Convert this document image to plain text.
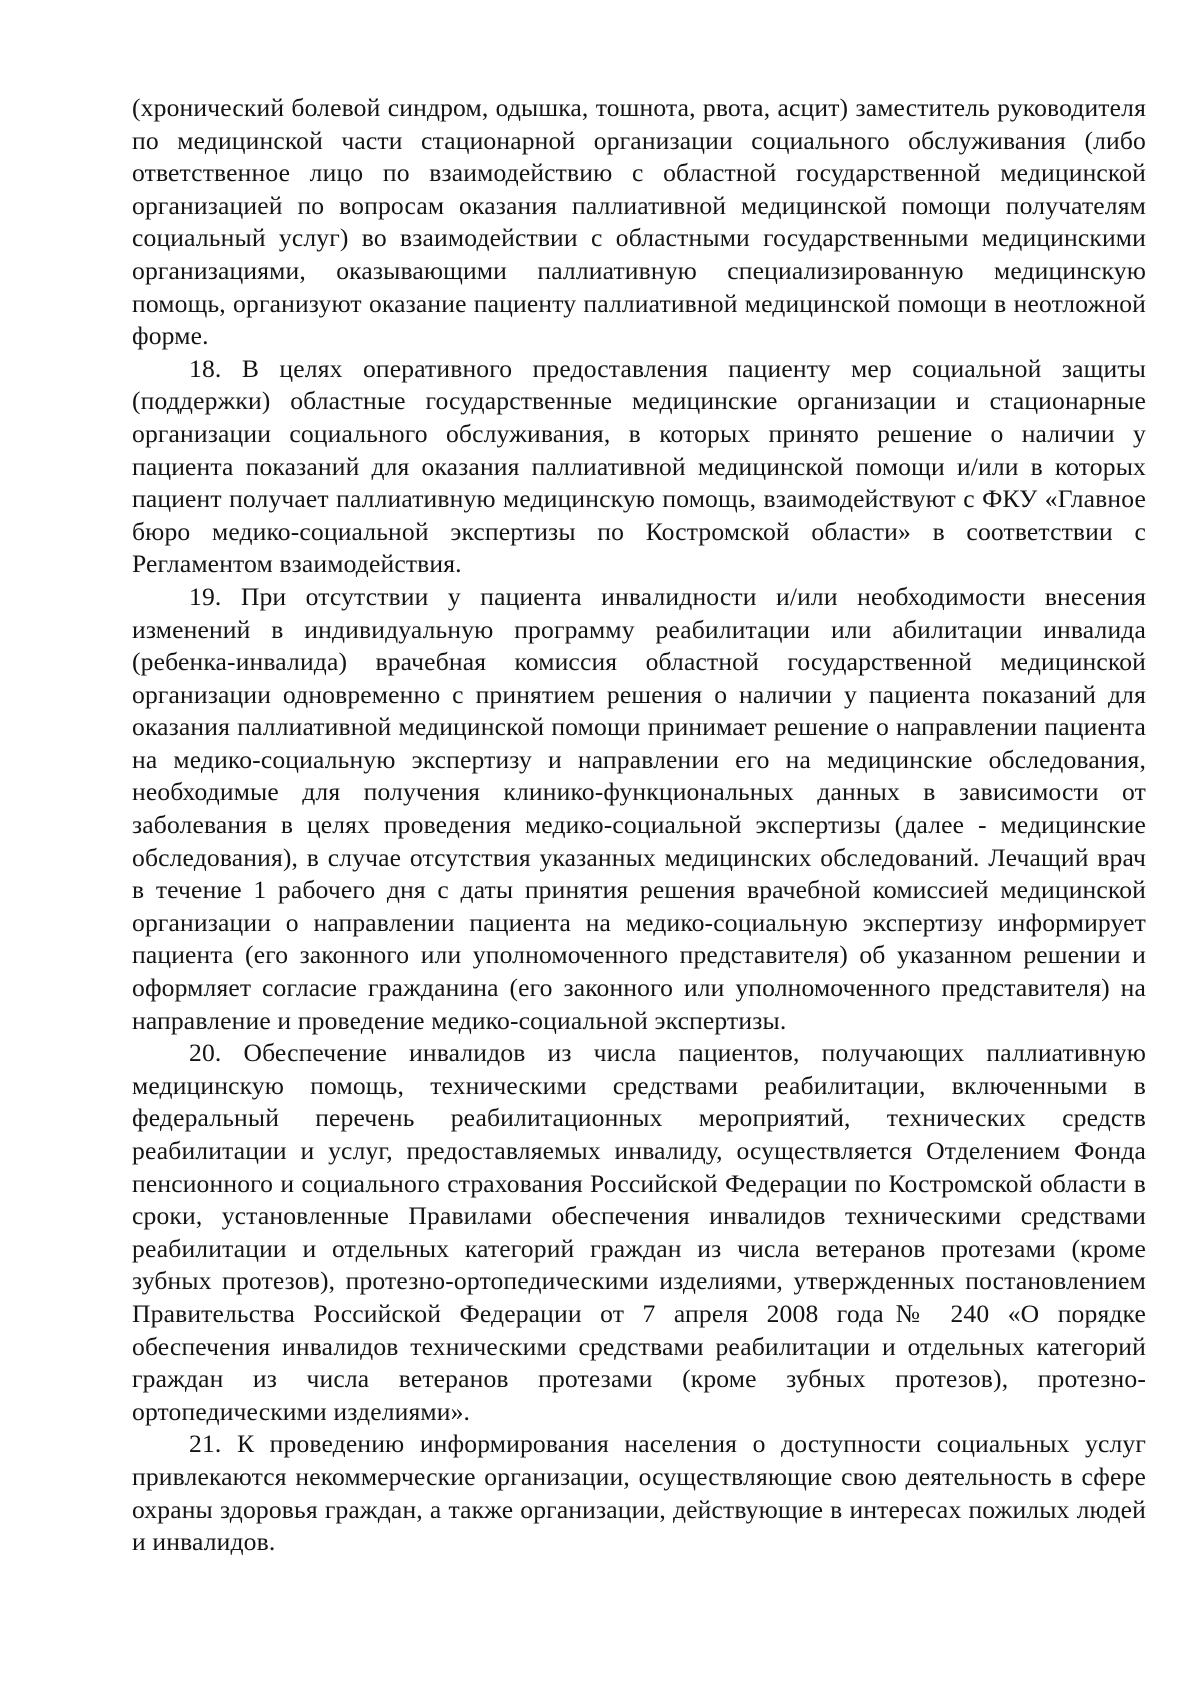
(хронический болевой синдром, одышка, тошнота, рвота, асцит) заместитель руководителя по медицинской части стационарной организации социального обслуживания (либо ответственное лицо по взаимодействию с областной государственной медицинской организацией по вопросам оказания паллиативной медицинской помощи получателям социальный услуг) во взаимодействии с областными государственными медицинскими организациями, оказывающими паллиативную специализированную медицинскую помощь, организуют оказание пациенту паллиативной медицинской помощи в неотложной форме.

18. В целях оперативного предоставления пациенту мер социальной защиты (поддержки) областные государственные медицинские организации и стационарные организации социального обслуживания, в которых принято решение о наличии у пациента показаний для оказания паллиативной медицинской помощи и/или в которых пациент получает паллиативную медицинскую помощь, взаимодействуют с ФКУ «Главное бюро медико-социальной экспертизы по Костромской области» в соответствии с Регламентом взаимодействия.

19. При отсутствии у пациента инвалидности и/или необходимости внесения изменений в индивидуальную программу реабилитации или абилитации инвалида (ребенка-инвалида) врачебная комиссия областной государственной медицинской организации одновременно с принятием решения о наличии у пациента показаний для оказания паллиативной медицинской помощи принимает решение о направлении пациента на медико-социальную экспертизу и направлении его на медицинские обследования, необходимые для получения клинико-функциональных данных в зависимости от заболевания в целях проведения медико-социальной экспертизы (далее - медицинские обследования), в случае отсутствия указанных медицинских обследований. Лечащий врач в течение 1 рабочего дня с даты принятия решения врачебной комиссией медицинской организации о направлении пациента на медико-социальную экспертизу информирует пациента (его законного или уполномоченного представителя) об указанном решении и оформляет согласие гражданина (его законного или уполномоченного представителя) на направление и проведение медико-социальной экспертизы.

20. Обеспечение инвалидов из числа пациентов, получающих паллиативную медицинскую помощь, техническими средствами реабилитации, включенными в федеральный перечень реабилитационных мероприятий, технических средств реабилитации и услуг, предоставляемых инвалиду, осуществляется Отделением Фонда пенсионного и социального страхования Российской Федерации по Костромской области в сроки, установленные Правилами обеспечения инвалидов техническими средствами реабилитации и отдельных категорий граждан из числа ветеранов протезами (кроме зубных протезов), протезно-ортопедическими изделиями, утвержденных постановлением Правительства Российской Федерации от 7 апреля 2008 года№ 240 «О порядке обеспечения инвалидов техническими средствами реабилитации и отдельных категорий граждан из числа ветеранов протезами (кроме зубных протезов), протезно-ортопедическими изделиями».

21. К проведению информирования населения о доступности социальных услуг привлекаются некоммерческие организации, осуществляющие свою деятельность в сфере охраны здоровья граждан, а также организации, действующие в интересах пожилых людей и инвалидов.
